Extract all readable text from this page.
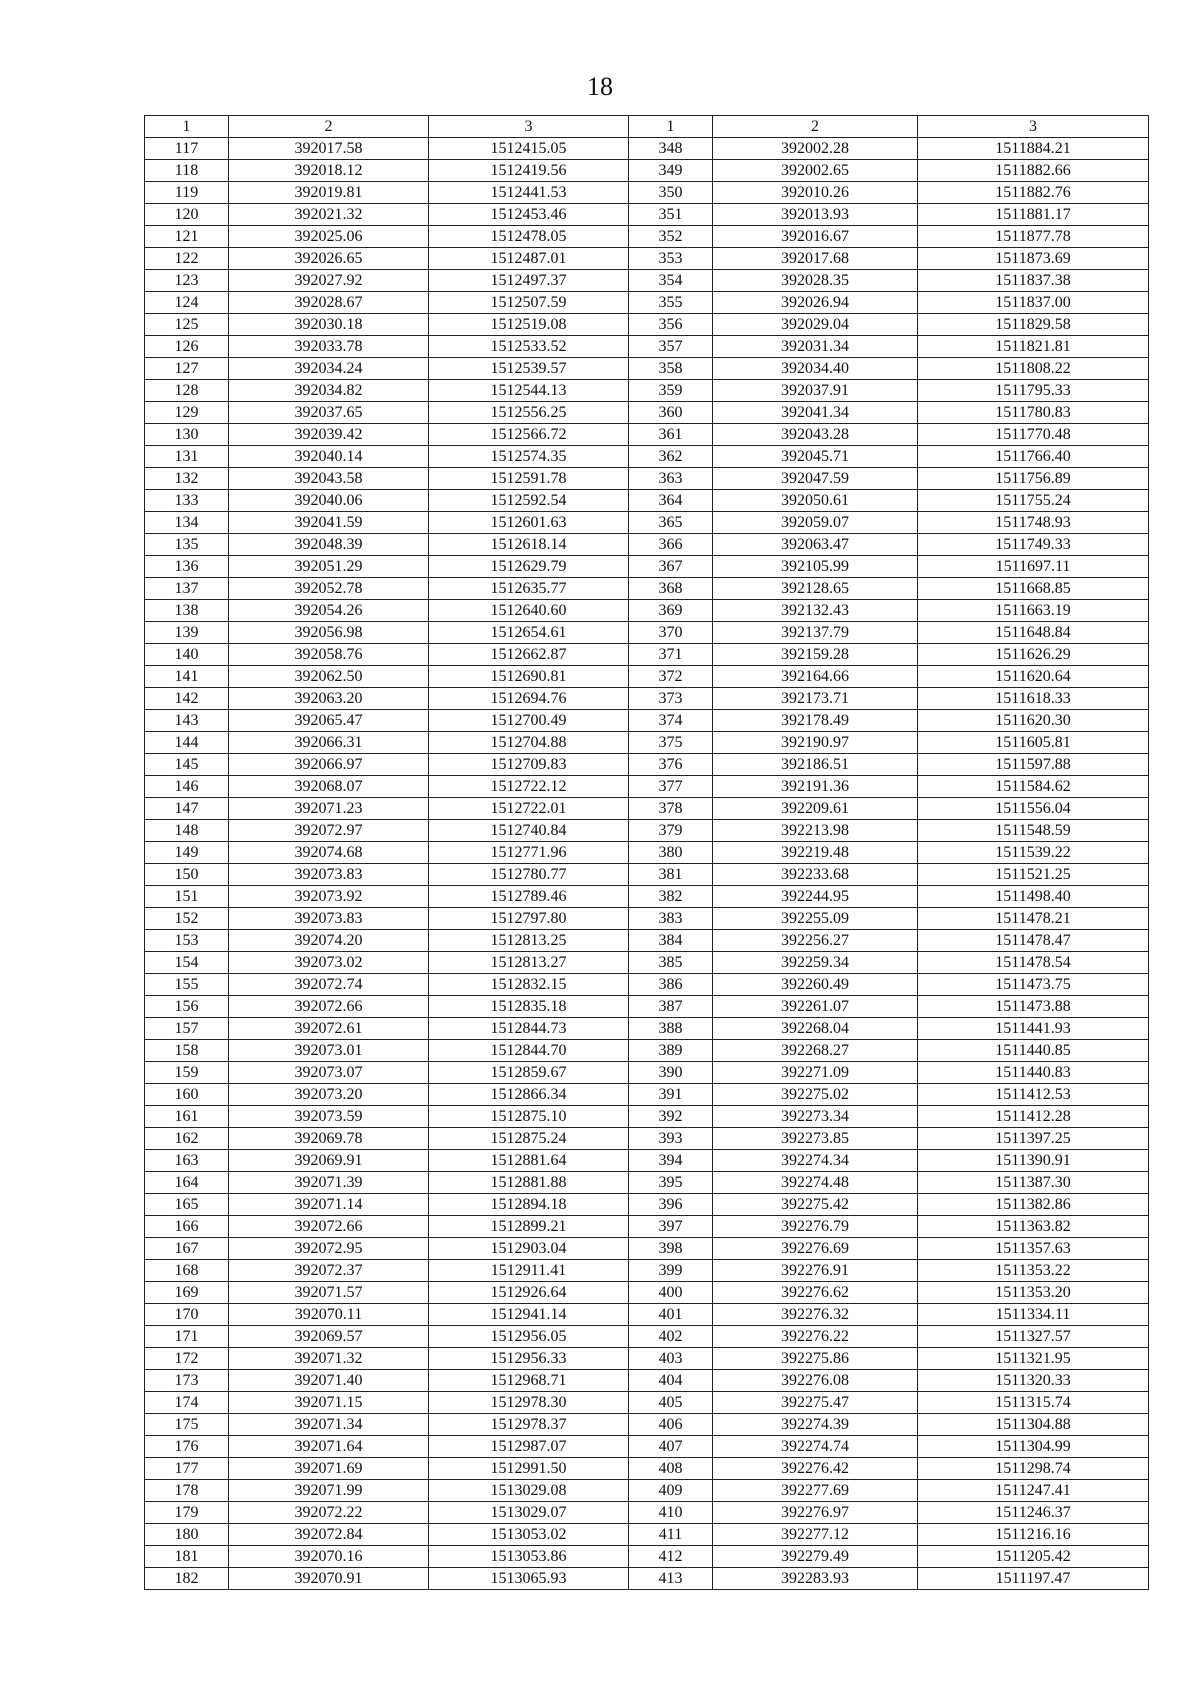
18
1	2	3	1	2	3
117	392017.58	1512415.05	348	392002.28	1511884.21
118	392018.12	1512419.56	349	392002.65	1511882.66
119	392019.81	1512441.53	350	392010.26	1511882.76
120	392021.32	1512453.46	351	392013.93	1511881.17
121	392025.06	1512478.05	352	392016.67	1511877.78
122	392026.65	1512487.01	353	392017.68	1511873.69
123	392027.92	1512497.37	354	392028.35	1511837.38
124	392028.67	1512507.59	355	392026.94	1511837.00
125	392030.18	1512519.08	356	392029.04	1511829.58
126	392033.78	1512533.52	357	392031.34	1511821.81
127	392034.24	1512539.57	358	392034.40	1511808.22
128	392034.82	1512544.13	359	392037.91	1511795.33
129	392037.65	1512556.25	360	392041.34	1511780.83
130	392039.42	1512566.72	361	392043.28	1511770.48
131	392040.14	1512574.35	362	392045.71	1511766.40
132	392043.58	1512591.78	363	392047.59	1511756.89
133	392040.06	1512592.54	364	392050.61	1511755.24
134	392041.59	1512601.63	365	392059.07	1511748.93
135	392048.39	1512618.14	366	392063.47	1511749.33
136	392051.29	1512629.79	367	392105.99	1511697.11
137	392052.78	1512635.77	368	392128.65	1511668.85
138	392054.26	1512640.60	369	392132.43	1511663.19
139	392056.98	1512654.61	370	392137.79	1511648.84
140	392058.76	1512662.87	371	392159.28	1511626.29
141	392062.50	1512690.81	372	392164.66	1511620.64
142	392063.20	1512694.76	373	392173.71	1511618.33
143	392065.47	1512700.49	374	392178.49	1511620.30
144	392066.31	1512704.88	375	392190.97	1511605.81
145	392066.97	1512709.83	376	392186.51	1511597.88
146	392068.07	1512722.12	377	392191.36	1511584.62
147	392071.23	1512722.01	378	392209.61	1511556.04
148	392072.97	1512740.84	379	392213.98	1511548.59
149	392074.68	1512771.96	380	392219.48	1511539.22
150	392073.83	1512780.77	381	392233.68	1511521.25
151	392073.92	1512789.46	382	392244.95	1511498.40
152	392073.83	1512797.80	383	392255.09	1511478.21
153	392074.20	1512813.25	384	392256.27	1511478.47
154	392073.02	1512813.27	385	392259.34	1511478.54
155	392072.74	1512832.15	386	392260.49	1511473.75
156	392072.66	1512835.18	387	392261.07	1511473.88
157	392072.61	1512844.73	388	392268.04	1511441.93
158	392073.01	1512844.70	389	392268.27	1511440.85
159	392073.07	1512859.67	390	392271.09	1511440.83
160	392073.20	1512866.34	391	392275.02	1511412.53
161	392073.59	1512875.10	392	392273.34	1511412.28
162	392069.78	1512875.24	393	392273.85	1511397.25
163	392069.91	1512881.64	394	392274.34	1511390.91
164	392071.39	1512881.88	395	392274.48	1511387.30
165	392071.14	1512894.18	396	392275.42	1511382.86
166	392072.66	1512899.21	397	392276.79	1511363.82
167	392072.95	1512903.04	398	392276.69	1511357.63
168	392072.37	1512911.41	399	392276.91	1511353.22
169	392071.57	1512926.64	400	392276.62	1511353.20
170	392070.11	1512941.14	401	392276.32	1511334.11
171	392069.57	1512956.05	402	392276.22	1511327.57
172	392071.32	1512956.33	403	392275.86	1511321.95
173	392071.40	1512968.71	404	392276.08	1511320.33
174	392071.15	1512978.30	405	392275.47	1511315.74
175	392071.34	1512978.37	406	392274.39	1511304.88
176	392071.64	1512987.07	407	392274.74	1511304.99
177	392071.69	1512991.50	408	392276.42	1511298.74
178	392071.99	1513029.08	409	392277.69	1511247.41
179	392072.22	1513029.07	410	392276.97	1511246.37
180	392072.84	1513053.02	411	392277.12	1511216.16
181	392070.16	1513053.86	412	392279.49	1511205.42
182	392070.91	1513065.93	413	392283.93	1511197.47
